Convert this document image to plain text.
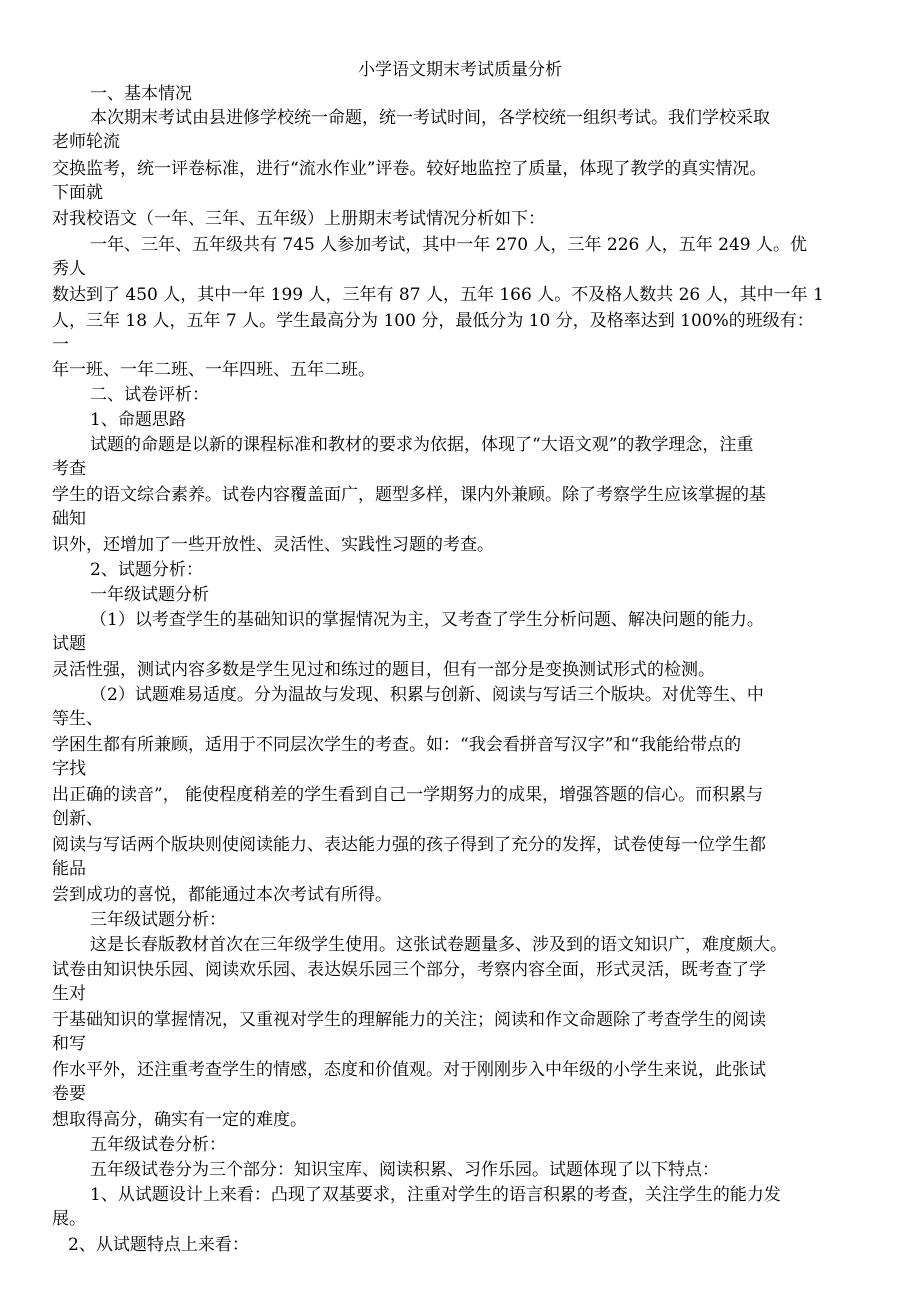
小学语文期末考试质量分析
一、基本情况
本次期末考试由县进修学校统一命题，统一考试时间，各学校统一组织考试。我们学校采取
老师轮流
交换监考，统一评卷标准，进行“流水作业”评卷。较好地监控了质量，体现了教学的真实情况。
下面就
对我校语文（一年、三年、五年级）上册期末考试情况分析如下：
一年、三年、五年级共有 745 人参加考试，其中一年 270 人，三年 226 人，五年 249 人。优
秀人
数达到了 450 人，其中一年 199 人，三年有 87 人，五年 166 人。不及格人数共 26 人，其中一年 1
人，三年 18 人，五年 7 人。学生最高分为 100 分，最低分为 10 分，及格率达到 100%的班级有：
一
年一班、一年二班、一年四班、五年二班。
二、试卷评析：
1、命题思路
试题的命题是以新的课程标准和教材的要求为依据，体现了“大语文观”的教学理念，注重
考查
学生的语文综合素养。试卷内容覆盖面广，题型多样，课内外兼顾。除了考察学生应该掌握的基
础知
识外，还增加了一些开放性、灵活性、实践性习题的考查。
2、试题分析：
一年级试题分析
（1）以考查学生的基础知识的掌握情况为主，又考查了学生分析问题、解决问题的能力。
试题
灵活性强，测试内容多数是学生见过和练过的题目，但有一部分是变换测试形式的检测。
（2）试题难易适度。分为温故与发现、积累与创新、阅读与写话三个版块。对优等生、中
等生、
学困生都有所兼顾，适用于不同层次学生的考查。如：“我会看拼音写汉字”和“我能给带点的
字找
出正确的读音”， 能使程度稍差的学生看到自己一学期努力的成果，增强答题的信心。而积累与
创新、
阅读与写话两个版块则使阅读能力、表达能力强的孩子得到了充分的发挥，试卷使每一位学生都
能品
尝到成功的喜悦，都能通过本次考试有所得。
三年级试题分析：
这是长春版教材首次在三年级学生使用。这张试卷题量多、涉及到的语文知识广，难度颇大。
试卷由知识快乐园、阅读欢乐园、表达娱乐园三个部分，考察内容全面，形式灵活，既考查了学
生对
于基础知识的掌握情况，又重视对学生的理解能力的关注；阅读和作文命题除了考查学生的阅读
和写
作水平外，还注重考查学生的情感，态度和价值观。对于刚刚步入中年级的小学生来说，此张试
卷要
想取得高分，确实有一定的难度。
五年级试卷分析：
五年级试卷分为三个部分：知识宝库、阅读积累、习作乐园。试题体现了以下特点：
1、从试题设计上来看：凸现了双基要求，注重对学生的语言积累的考查，关注学生的能力发
展。
2、从试题特点上来看：
